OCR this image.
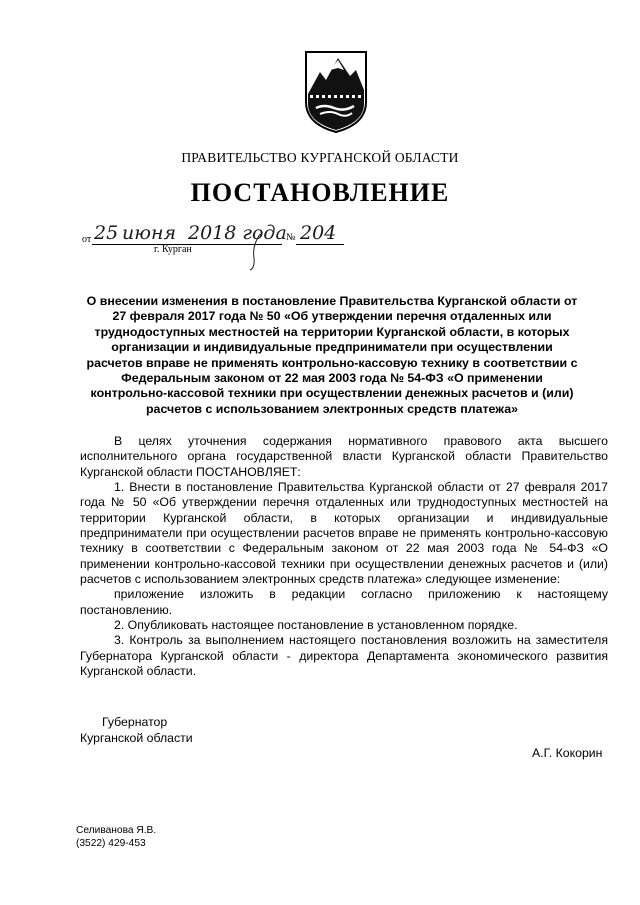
ПРАВИТЕЛЬСТВО КУРГАНСКОЙ ОБЛАСТИ
ПОСТАНОВЛЕНИЕ
от 25 июня 2018 года № 204
г. Курган
О внесении изменения в постановление Правительства Курганской области от 27 февраля 2017 года № 50 «Об утверждении перечня отдаленных или труднодоступных местностей на территории Курганской области, в которых организации и индивидуальные предприниматели при осуществлении расчетов вправе не применять контрольно-кассовую технику в соответствии с Федеральным законом от 22 мая 2003 года № 54-ФЗ «О применении контрольно-кассовой техники при осуществлении денежных расчетов и (или) расчетов с использованием электронных средств платежа»

В целях уточнения содержания нормативного правового акта высшего исполнительного органа государственной власти Курганской области Правительство Курганской области ПОСТАНОВЛЯЕТ:

1. Внести в постановление Правительства Курганской области от 27 февраля 2017 года № 50 «Об утверждении перечня отдаленных или труднодоступных местностей на территории Курганской области, в которых организации и индивидуальные предприниматели при осуществлении расчетов вправе не применять контрольно-кассовую технику в соответствии с Федеральным законом от 22 мая 2003 года № 54-ФЗ «О применении контрольно-кассовой техники при осуществлении денежных расчетов и (или) расчетов с использованием электронных средств платежа» следующее изменение:

приложение изложить в редакции согласно приложению к настоящему постановлению.

2. Опубликовать настоящее постановление в установленном порядке.

3. Контроль за выполнением настоящего постановления возложить на заместителя Губернатора Курганской области - директора Департамента экономического развития Курганской области.

Губернатор
Курганской области
А.Г. Кокорин
Селиванова Я.В.
(3522) 429-453
